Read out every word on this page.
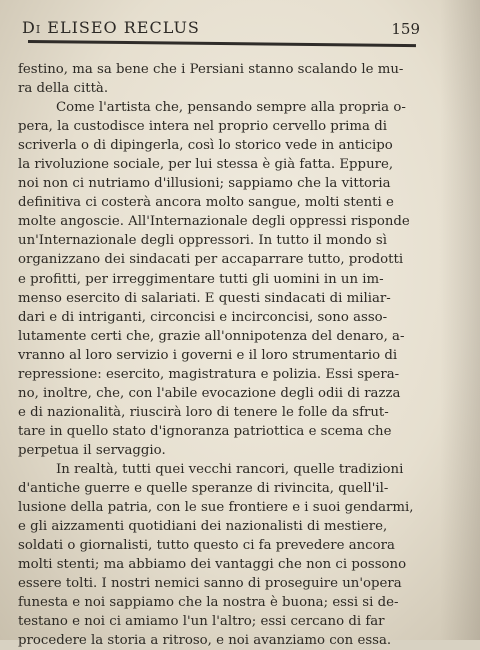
Di ELISEO RECLUS	159
festino, ma sa bene che i Persiani stanno scalando le mu-
ra della città.
Come l'artista che, pensando sempre alla propria o-
pera, la custodisce intera nel proprio cervello prima di
scriverla o di dipingerla, così lo storico vede in anticipo
la rivoluzione sociale, per lui stessa è già fatta. Eppure,
noi non ci nutriamo d'illusioni; sappiamo che la vittoria
definitiva ci costerà ancora molto sangue, molti stenti e
molte angoscie. All'Internazionale degli oppressi risponde
un'Internazionale degli oppressori. In tutto il mondo sì
organizzano dei sindacati per accaparrare tutto, prodotti
e profitti, per irreggimentare tutti gli uomini in un im-
menso esercito di salariati. E questi sindacati di miliar-
dari e di intriganti, circoncisi e incirconcisi, sono asso-
lutamente certi che, grazie all'onnipotenza del denaro, a-
vranno al loro servizio i governi e il loro strumentario di
repressione: esercito, magistratura e polizia. Essi spera-
no, inoltre, che, con l'abile evocazione degli odii di razza
e di nazionalità, riuscirà loro di tenere le folle da sfrut-
tare in quello stato d'ignoranza patriottica e scema che
perpetua il servaggio.
In realtà, tutti quei vecchi rancori, quelle tradizioni
d'antiche guerre e quelle speranze di rivincita, quell'il-
lusione della patria, con le sue frontiere e i suoi gendarmi,
e gli aizzamenti quotidiani dei nazionalisti di mestiere,
soldati o giornalisti, tutto questo ci fa prevedere ancora
molti stenti; ma abbiamo dei vantaggi che non ci possono
essere tolti. I nostri nemici sanno di proseguire un'opera
funesta e noi sappiamo che la nostra è buona; essi si de-
testano e noi ci amiamo l'un l'altro; essi cercano di far
procedere la storia a ritroso, e noi avanziamo con essa.
